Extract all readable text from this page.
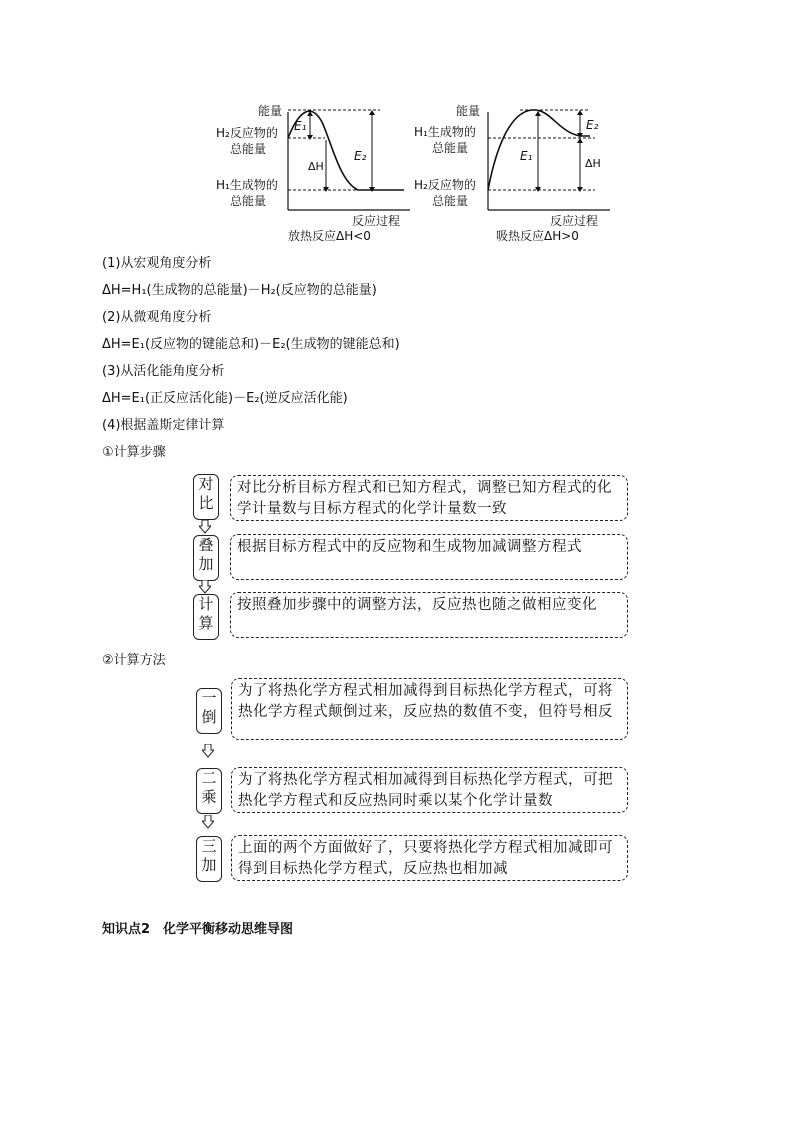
能量
H₂反应物的
总能量
H₁生成物的
总能量
E₁
ΔH
E₂
反应过程
放热反应ΔH<0
能量
H₁生成物的
总能量
H₂反应物的
总能量
E₁
E₂
ΔH
反应过程
吸热反应ΔH>0
(1)从宏观角度分析
ΔH=H₁(生成物的总能量)－H₂(反应物的总能量)
(2)从微观角度分析
ΔH=E₁(反应物的键能总和)－E₂(生成物的键能总和)
(3)从活化能角度分析
ΔH=E₁(正反应活化能)－E₂(逆反应活化能)
(4)根据盖斯定律计算
①计算步骤
对
比
对比分析目标方程式和已知方程式，调整已知方程式的化学计量数与目标方程式的化学计量数一致
叠
加
根据目标方程式中的反应物和生成物加减调整方程式
计
算
按照叠加步骤中的调整方法，反应热也随之做相应变化
②计算方法
一
倒
为了将热化学方程式相加减得到目标热化学方程式，可将热化学方程式颠倒过来，反应热的数值不变，但符号相反
二
乘
为了将热化学方程式相加减得到目标热化学方程式，可把热化学方程式和反应热同时乘以某个化学计量数
三
加
上面的两个方面做好了，只要将热化学方程式相加减即可得到目标热化学方程式，反应热也相加减
知识点2　化学平衡移动思维导图
